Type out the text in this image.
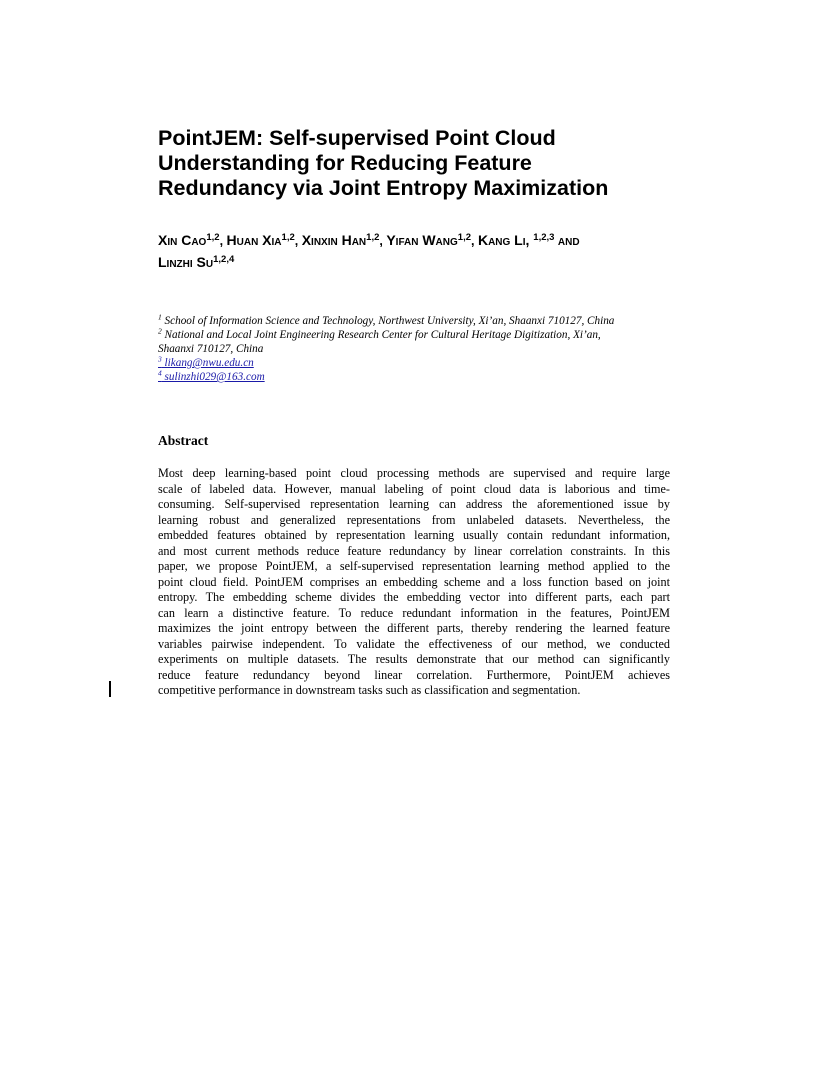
PointJEM: Self-supervised Point Cloud
Understanding for Reducing Feature
Redundancy via Joint Entropy Maximization
Xin Cao$^{1,2}$, Huan Xia$^{1,2}$, Xinxin Han$^{1,2}$, Yifan Wang$^{1,2}$, Kang Li, $^{1,2,3}$ and
Linzhi Su$^{1,2,4}$
$^1$ School of Information Science and Technology, Northwest University, Xi’an, Shaanxi 710127, China
$^2$ National and Local Joint Engineering Research Center for Cultural Heritage Digitization, Xi’an,
Shaanxi 710127, China
$^3$ likang@nwu.edu.cn
$^4$ sulinzhi029@163.com
Abstract
Most deep learning-based point cloud processing methods are supervised and require large
scale of labeled data. However, manual labeling of point cloud data is laborious and time-
consuming. Self-supervised representation learning can address the aforementioned issue by
learning robust and generalized representations from unlabeled datasets. Nevertheless, the
embedded features obtained by representation learning usually contain redundant information,
and most current methods reduce feature redundancy by linear correlation constraints. In this
paper, we propose PointJEM, a self-supervised representation learning method applied to the
point cloud field. PointJEM comprises an embedding scheme and a loss function based on joint
entropy. The embedding scheme divides the embedding vector into different parts, each part
can learn a distinctive feature. To reduce redundant information in the features, PointJEM
maximizes the joint entropy between the different parts, thereby rendering the learned feature
variables pairwise independent. To validate the effectiveness of our method, we conducted
experiments on multiple datasets. The results demonstrate that our method can significantly
reduce feature redundancy beyond linear correlation. Furthermore, PointJEM achieves
competitive performance in downstream tasks such as classification and segmentation.
